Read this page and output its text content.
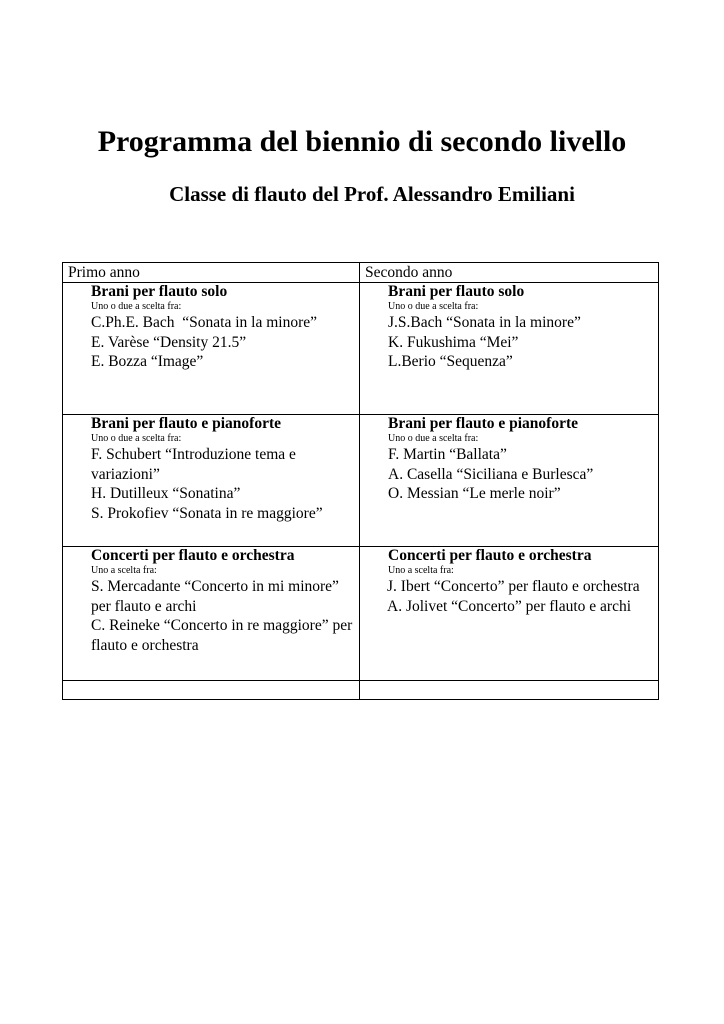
Programma del biennio di secondo livello
Classe di flauto del Prof. Alessandro Emiliani
Primo anno	Secondo anno

Brani per flauto solo
Uno o due a scelta fra:
C.Ph.E. Bach  “Sonata in la minore”
E. Varèse “Density 21.5”
E. Bozza “Image”	Brani per flauto solo
Uno o due a scelta fra:
J.S.Bach “Sonata in la minore”
K. Fukushima “Mei”
L.Berio “Sequenza”

Brani per flauto e pianoforte
Uno o due a scelta fra:
F. Schubert “Introduzione tema e variazioni”
H. Dutilleux “Sonatina”
S. Prokofiev “Sonata in re maggiore”	Brani per flauto e pianoforte
Uno o due a scelta fra:
F. Martin “Ballata”
A. Casella “Siciliana e Burlesca”
O. Messian “Le merle noir”

Concerti per flauto e orchestra
Uno a scelta fra:
S. Mercadante “Concerto in mi minore” per flauto e archi
C. Reineke “Concerto in re maggiore” per flauto e orchestra	Concerti per flauto e orchestra
Uno a scelta fra:
J. Ibert “Concerto” per flauto e orchestra
A. Jolivet “Concerto” per flauto e archi
